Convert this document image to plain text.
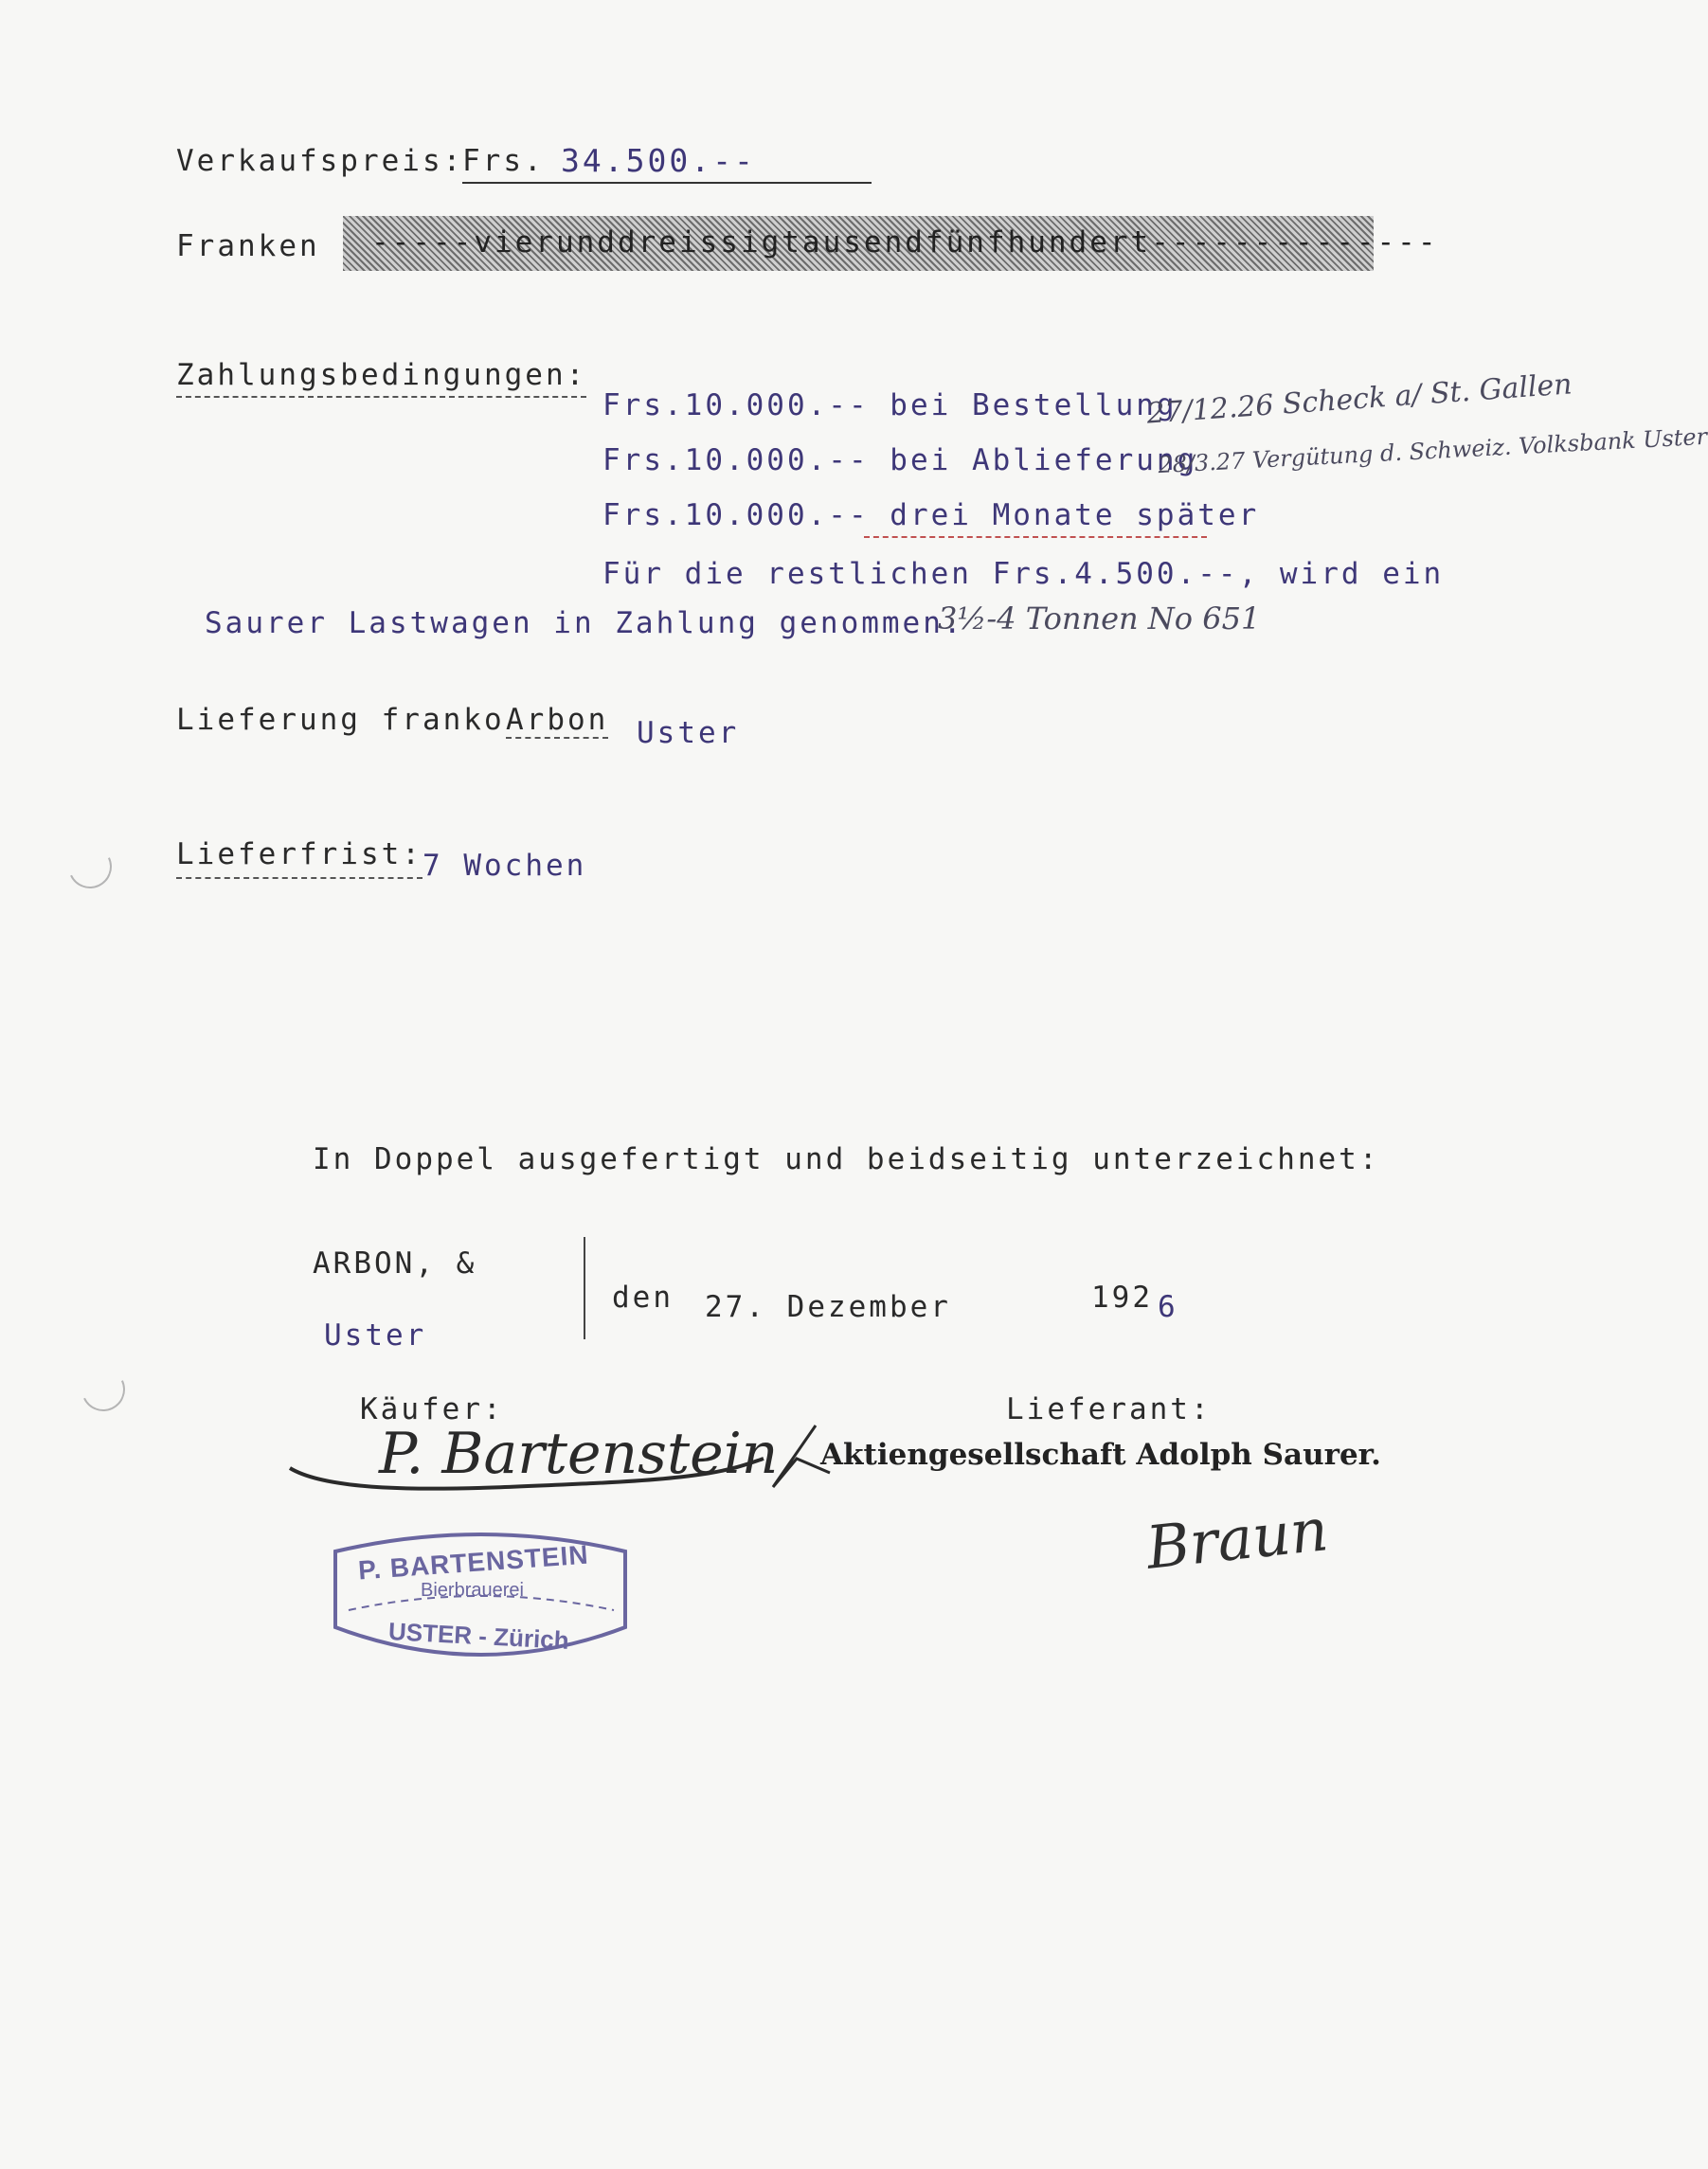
Verkaufspreis:
Frs. 34.500.--
Franken -----vierunddreissigtausendfünfhundert--------------
Zahlungsbedingungen:
Frs.10.000.-- bei Bestellung
27/12.26 Scheck a/ St. Gallen
Frs.10.000.-- bei Ablieferung
28/3.27 Vergütung d. Schweiz. Volksbank Uster
Frs.10.000.-- drei Monate später
Für die restlichen Frs.4.500.--, wird ein
Saurer Lastwagen in Zahlung genommen.
3½-4 Tonnen No 651
Lieferung franko Arbon Uster
Lieferfrist: 7 Wochen
In Doppel ausgefertigt und beidseitig unterzeichnet:
ARBON, &
Uster
den 27. Dezember	192 6
Käufer:	Lieferant:
P. Bartenstein Aktiengesellschaft Adolph Saurer.
Braun
P. BARTENSTEIN
Bierbrauerei
USTER - Zürich
